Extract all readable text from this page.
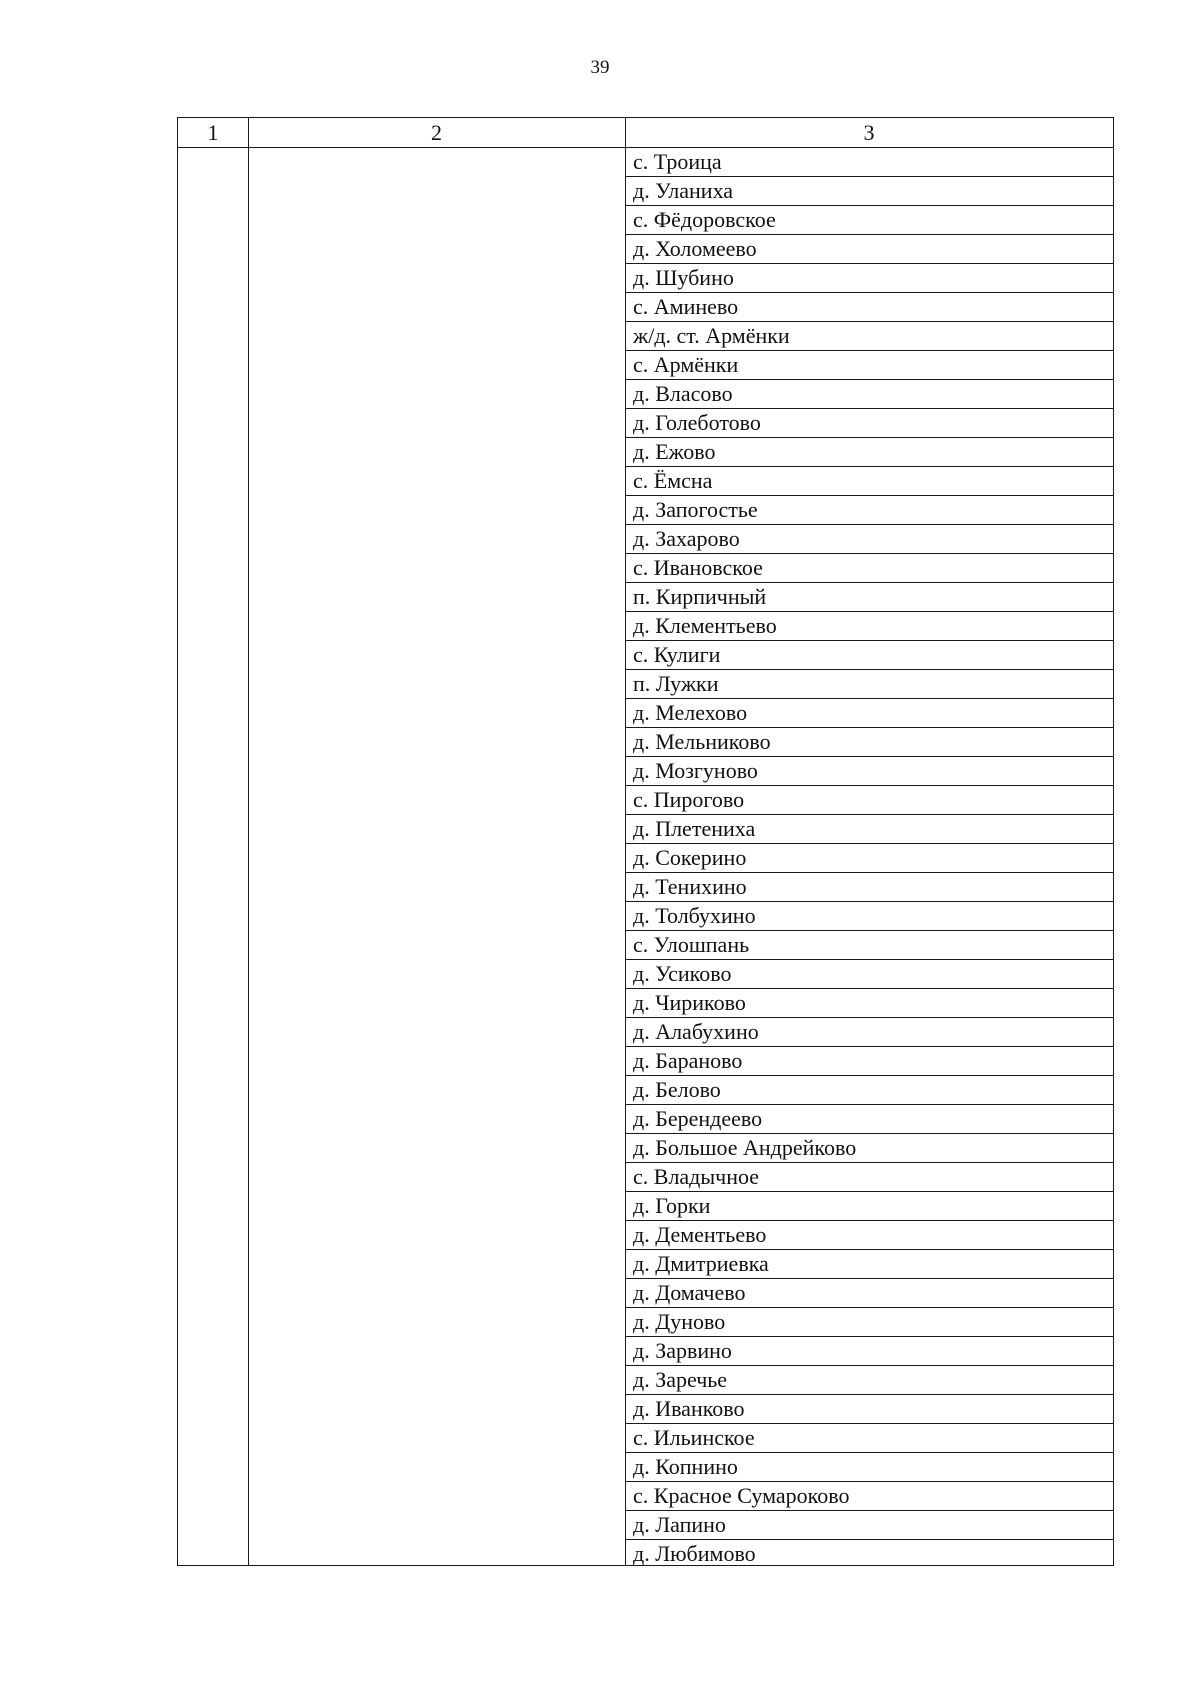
39
1	2	3
с. Троица
д. Уланиха
с. Фёдоровское
д. Холомеево
д. Шубино
с. Аминево
ж/д. ст. Армёнки
с. Армёнки
д. Власово
д. Голеботово
д. Ежово
с. Ёмсна
д. Запогостье
д. Захарово
с. Ивановское
п. Кирпичный
д. Клементьево
с. Кулиги
п. Лужки
д. Мелехово
д. Мельниково
д. Мозгуново
с. Пирогово
д. Плетениха
д. Сокерино
д. Тенихино
д. Толбухино
с. Улошпань
д. Усиково
д. Чириково
д. Алабухино
д. Бараново
д. Белово
д. Берендеево
д. Большое Андрейково
с. Владычное
д. Горки
д. Дементьево
д. Дмитриевка
д. Домачево
д. Дуново
д. Зарвино
д. Заречье
д. Иванково
с. Ильинское
д. Копнино
с. Красное Сумароково
д. Лапино
д. Любимово
